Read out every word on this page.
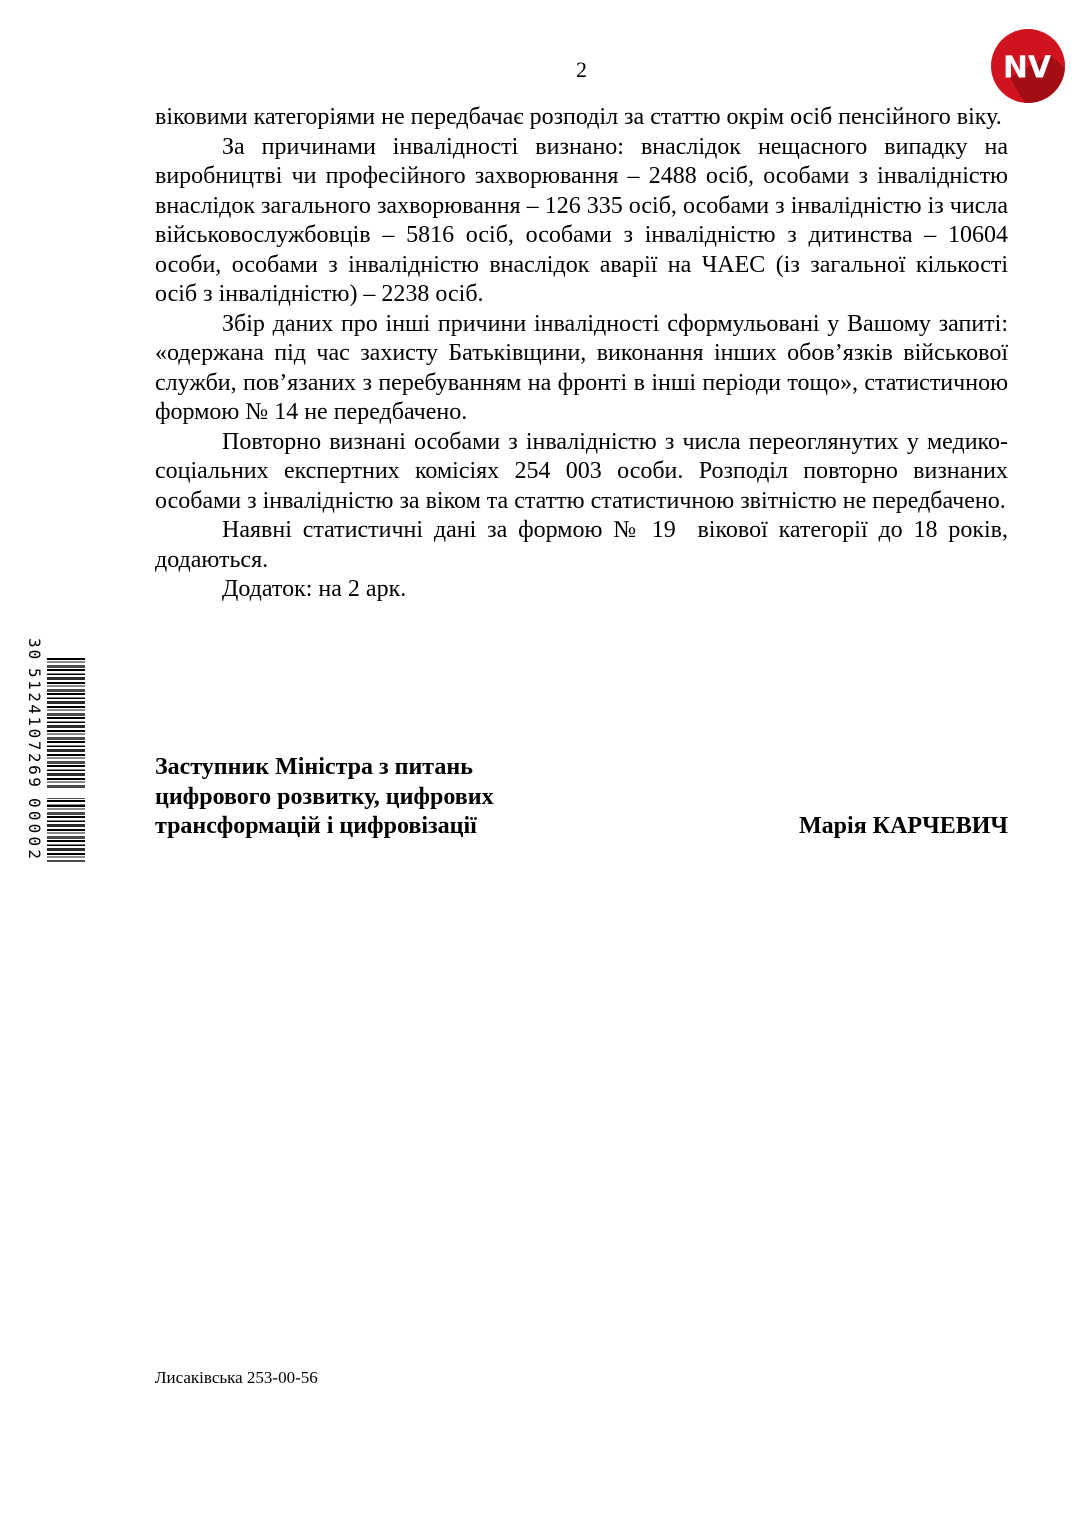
2	NV

віковими категоріями не передбачає розподіл за статтю окрім осіб пенсійного віку.

За причинами інвалідності визнано: внаслідок нещасного випадку на виробництві чи професійного захворювання – 2488 осіб, особами з інвалідністю внаслідок загального захворювання – 126 335 осіб, особами з інвалідністю із числа військовослужбовців – 5816 осіб, особами з інвалідністю з дитинства – 10604 особи, особами з інвалідністю внаслідок аварії на ЧАЕС (із загальної кількості осіб з інвалідністю) – 2238 осіб.

Збір даних про інші причини інвалідності сформульовані у Вашому запиті: «одержана під час захисту Батьківщини, виконання інших обов’язків військової служби, пов’язаних з перебуванням на фронті в інші періоди тощо», статистичною формою № 14 не передбачено.

Повторно визнані особами з інвалідністю з числа переоглянутих у медико-соціальних експертних комісіях 254 003 особи. Розподіл повторно визнаних особами з інвалідністю за віком та статтю статистичною звітністю не передбачено.

Наявні статистичні дані за формою № 19  вікової категорії до 18 років, додаються.

Додаток: на 2 арк.

30
5124107269
00002
Заступник Міністра з питань
цифрового розвитку, цифрових
трансформацій і цифровізації	Марія КАРЧЕВИЧ
Лисаківська 253-00-56
